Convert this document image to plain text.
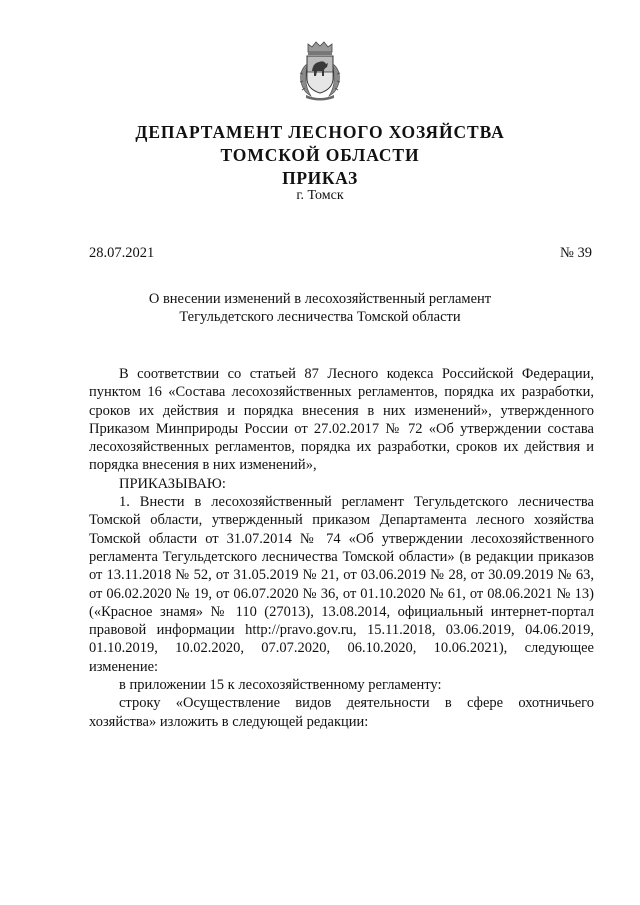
ДЕПАРТАМЕНТ ЛЕСНОГО ХОЗЯЙСТВА
ТОМСКОЙ ОБЛАСТИ
ПРИКАЗ
г. Томск
28.07.2021	№ 39
О внесении изменений в лесохозяйственный регламент
Тегульдетского лесничества Томской области

В соответствии со статьей 87 Лесного кодекса Российской Федерации, пунктом 16 «Состава лесохозяйственных регламентов, порядка их разработки, сроков их действия и порядка внесения в них изменений», утвержденного Приказом Минприроды России от 27.02.2017 № 72 «Об утверждении состава лесохозяйственных регламентов, порядка их разработки, сроков их действия и порядка внесения в них изменений»,

ПРИКАЗЫВАЮ:

1. Внести в лесохозяйственный регламент Тегульдетского лесничества Томской области, утвержденный приказом Департамента лесного хозяйства Томской области от 31.07.2014 № 74 «Об утверждении лесохозяйственного регламента Тегульдетского лесничества Томской области» (в редакции приказов от 13.11.2018 № 52, от 31.05.2019 № 21, от 03.06.2019 № 28, от 30.09.2019 № 63, от 06.02.2020 № 19, от 06.07.2020 № 36, от 01.10.2020 № 61, от 08.06.2021 № 13) («Красное знамя» № 110 (27013), 13.08.2014, официальный интернет-портал правовой информации http://pravo.gov.ru, 15.11.2018, 03.06.2019, 04.06.2019, 01.10.2019, 10.02.2020, 07.07.2020, 06.10.2020, 10.06.2021), следующее изменение:

в приложении 15 к лесохозяйственному регламенту:

строку «Осуществление видов деятельности в сфере охотничьего хозяйства» изложить в следующей редакции:
